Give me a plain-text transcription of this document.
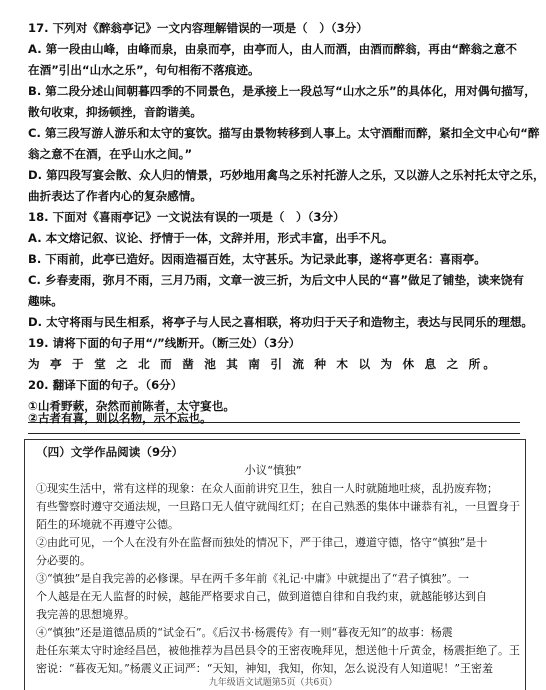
17. 下列对《醉翁亭记》一文内容理解错误的一项是（　）（3分）
A. 第一段由山峰，由峰而泉，由泉而亭，由亭而人，由人而酒，由酒而醉翁，再由“醉翁之意不
在酒”引出“山水之乐”，句句相衔不落痕迹。
B. 第二段分述山间朝暮四季的不同景色，是承接上一段总写“山水之乐”的具体化，用对偶句描写，
散句收束，抑扬顿挫，音韵谐美。
C. 第三段写游人游乐和太守的宴饮。描写由景物转移到人事上。太守酒酣而醉，紧扣全文中心句“醉
翁之意不在酒，在乎山水之间。”
D. 第四段写宴会散、众人归的情景，巧妙地用禽鸟之乐衬托游人之乐，又以游人之乐衬托太守之乐，
曲折表达了作者内心的复杂感情。
18. 下面对《喜雨亭记》一文说法有误的一项是（　）（3分）
A. 本文熔记叙、议论、抒情于一体，文辞并用，形式丰富，出手不凡。
B. 下雨前，此亭已造好。因雨造福百姓，太守甚乐。为记录此事，遂将亭更名：喜雨亭。
C. 乡春麦雨，弥月不雨，三月乃雨，文章一波三折，为后文中人民的“喜”做足了铺垫，读来饶有
趣味。
D. 太守将雨与民生相系，将亭子与人民之喜相联，将功归于天子和造物主，表达与民同乐的理想。
19. 请将下面的句子用“/”线断开。（断三处）（3分）
为 亭 于 堂 之 北 而 凿 池 其 南 引 流 种 木 以 为 休 息 之 所。
20. 翻译下面的句子。（6分）
①山肴野蔌，杂然而前陈者，太守宴也。
②古者有喜，则以名物，示不忘也。
（四）文学作品阅读（9分）
小议“慎独”
①现实生活中，常有这样的现象：在众人面前讲究卫生，独自一人时就随地吐痰，乱扔废弃物；
有些警察时遵守交通法规，一旦路口无人值守就闯红灯；在自己熟悉的集体中谦恭有礼，一旦置身于
陌生的环境就不再遵守公德。
②由此可见，一个人在没有外在监督而独处的情况下，严于律己，遵道守德，恪守“慎独”是十
分必要的。
③“慎独”是自我完善的必修课。早在两千多年前《礼记·中庸》中就提出了“君子慎独”。一
个人越是在无人监督的时候，越能严格要求自己，做到道德自律和自我约束，就越能够达到自
我完善的思想境界。
④“慎独”还是道德品质的“试金石”。《后汉书·杨震传》有一则“暮夜无知”的故事：杨震
赴任东莱太守时途经昌邑，被他推荐为昌邑县令的王密夜晚拜见，想送他十斤黄金，杨震拒绝了。王
密说：“暮夜无知。”杨震义正词严：“天知，神知，我知，你知，怎么说没有人知道呢！”王密羞
九年级语文试题第5页（共6页）
